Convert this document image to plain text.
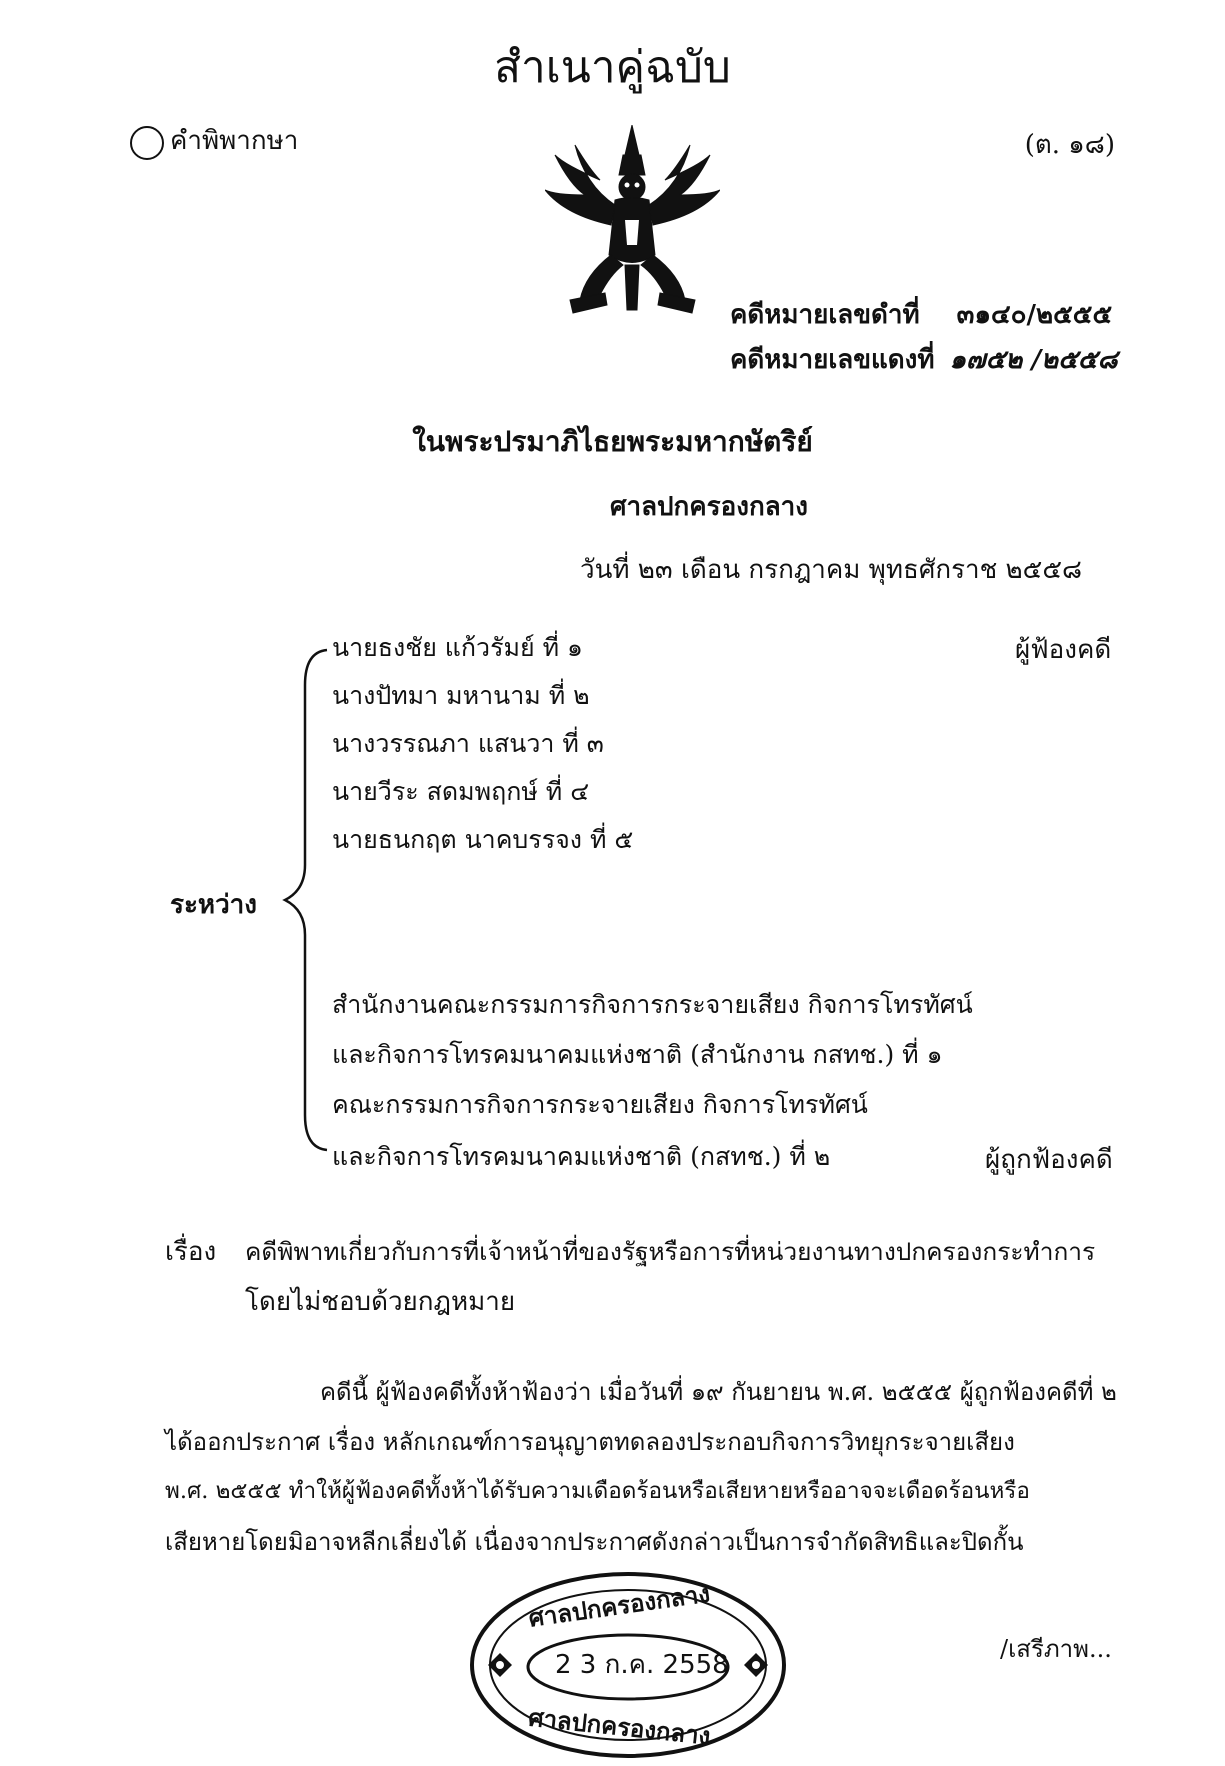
สำเนาคู่ฉบับ
คำพิพากษา	(ต. ๑๘)
คดีหมายเลขดำที่ ๓๑๔๐/๒๕๕๕
คดีหมายเลขแดงที่ ๑๗๕๒ /๒๕๕๘
ในพระปรมาภิไธยพระมหากษัตริย์
ศาลปกครองกลาง
วันที่ ๒๓ เดือน กรกฎาคม พุทธศักราช ๒๕๕๘
นายธงชัย แก้วรัมย์ ที่ ๑
นางปัทมา มหานาม ที่ ๒
นางวรรณภา แสนวา ที่ ๓
นายวีระ สดมพฤกษ์ ที่ ๔
นายธนกฤต นาคบรรจง ที่ ๕
ผู้ฟ้องคดี
ระหว่าง
สำนักงานคณะกรรมการกิจการกระจายเสียง กิจการโทรทัศน์
และกิจการโทรคมนาคมแห่งชาติ (สำนักงาน กสทช.) ที่ ๑
คณะกรรมการกิจการกระจายเสียง กิจการโทรทัศน์
และกิจการโทรคมนาคมแห่งชาติ (กสทช.) ที่ ๒	ผู้ถูกฟ้องคดี
เรื่อง คดีพิพาทเกี่ยวกับการที่เจ้าหน้าที่ของรัฐหรือการที่หน่วยงานทางปกครองกระทำการ
โดยไม่ชอบด้วยกฎหมาย
คดีนี้ ผู้ฟ้องคดีทั้งห้าฟ้องว่า เมื่อวันที่ ๑๙ กันยายน พ.ศ. ๒๕๕๕ ผู้ถูกฟ้องคดีที่ ๒
ได้ออกประกาศ เรื่อง หลักเกณฑ์การอนุญาตทดลองประกอบกิจการวิทยุกระจายเสียง
พ.ศ. ๒๕๕๕ ทำให้ผู้ฟ้องคดีทั้งห้าได้รับความเดือดร้อนหรือเสียหายหรืออาจจะเดือดร้อนหรือ
เสียหายโดยมิอาจหลีกเลี่ยงได้ เนื่องจากประกาศดังกล่าวเป็นการจำกัดสิทธิและปิดกั้น
ศาลปกครองกลาง
2 3 ก.ค. 2558
ศาลปกครองกลาง
/เสรีภาพ...
